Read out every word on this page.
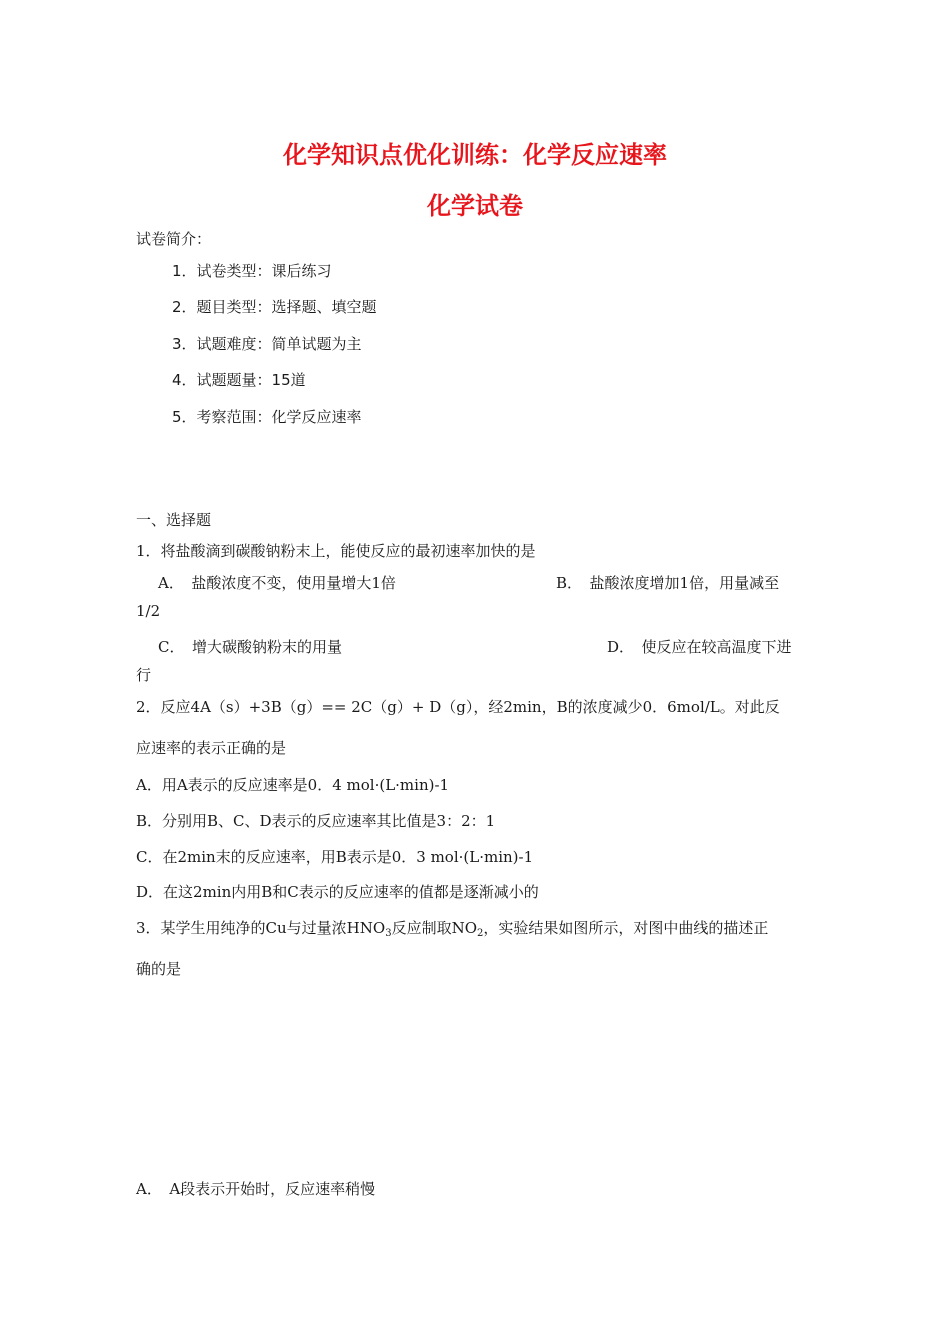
化学知识点优化训练：化学反应速率
化学试卷
试卷简介：
1．试卷类型：课后练习
2．题目类型：选择题、填空题
3．试题难度：简单试题为主
4．试题题量：15道
5．考察范围：化学反应速率
一、选择题
1．将盐酸滴到碳酸钠粉末上，能使反应的最初速率加快的是
A．　盐酸浓度不变，使用量增大1倍	B．　盐酸浓度增加1倍，用量减至
1/2
C．　增大碳酸钠粉末的用量	D．　使反应在较高温度下进
行
2．反应4A（s）+3B（g）== 2C（g）+ D（g），经2min，B的浓度减少0．6mol/L。对此反
应速率的表示正确的是
A．用A表示的反应速率是0．4 mol·(L·min)-1
B．分别用B、C、D表示的反应速率其比值是3：2：1
C．在2min末的反应速率，用B表示是0．3 mol·(L·min)-1
D．在这2min内用B和C表示的反应速率的值都是逐渐减小的
3．某学生用纯净的Cu与过量浓$HNO_3$反应制取$NO_2$，实验结果如图所示，对图中曲线的描述正
确的是
A．　A段表示开始时，反应速率稍慢
